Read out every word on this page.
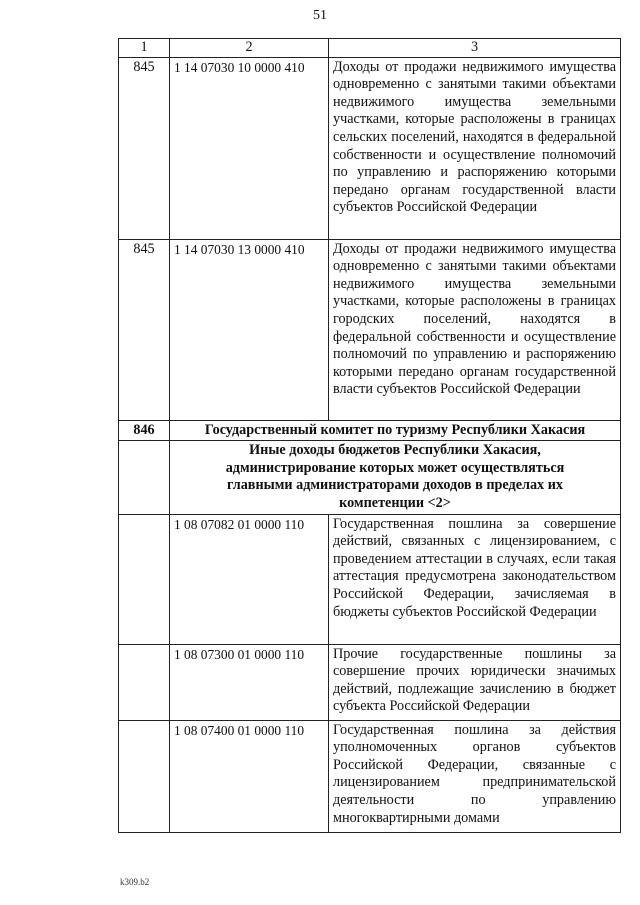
51
1	2	3
845	1 14 07030 10 0000 410	Доходы от продажи недвижимого имущества одновременно с занятыми такими объектами недвижимого имущества земельными участками, которые расположены в границах сельских поселений, находятся в федеральной собственности и осуществление полномочий по управлению и распоряжению которыми передано органам государственной власти субъектов Российской Федерации
845	1 14 07030 13 0000 410	Доходы от продажи недвижимого имущества одновременно с занятыми такими объектами недвижимого имущества земельными участками, которые расположены в границах городских поселений, находятся в федеральной собственности и осуществление полномочий по управлению и распоряжению которыми передано органам государственной власти субъектов Российской Федерации
846	Государственный комитет по туризму Республики Хакасия	
	Иные доходы бюджетов Республики Хакасия, администрирование которых может осуществляться главными администраторами доходов в пределах их компетенции <2>	
	1 08 07082 01 0000 110	Государственная пошлина за совершение действий, связанных с лицензированием, с проведением аттестации в случаях, если такая аттестация предусмотрена законодательством Российской Федерации, зачисляемая в бюджеты субъектов Российской Федерации
	1 08 07300 01 0000 110	Прочие государственные пошлины за совершение прочих юридически значимых действий, подлежащие зачислению в бюджет субъекта Российской Федерации
	1 08 07400 01 0000 110	Государственная пошлина за действия уполномоченных органов субъектов Российской Федерации, связанные с лицензированием предпринимательской деятельности по управлению многоквартирными домами
k309.b2
